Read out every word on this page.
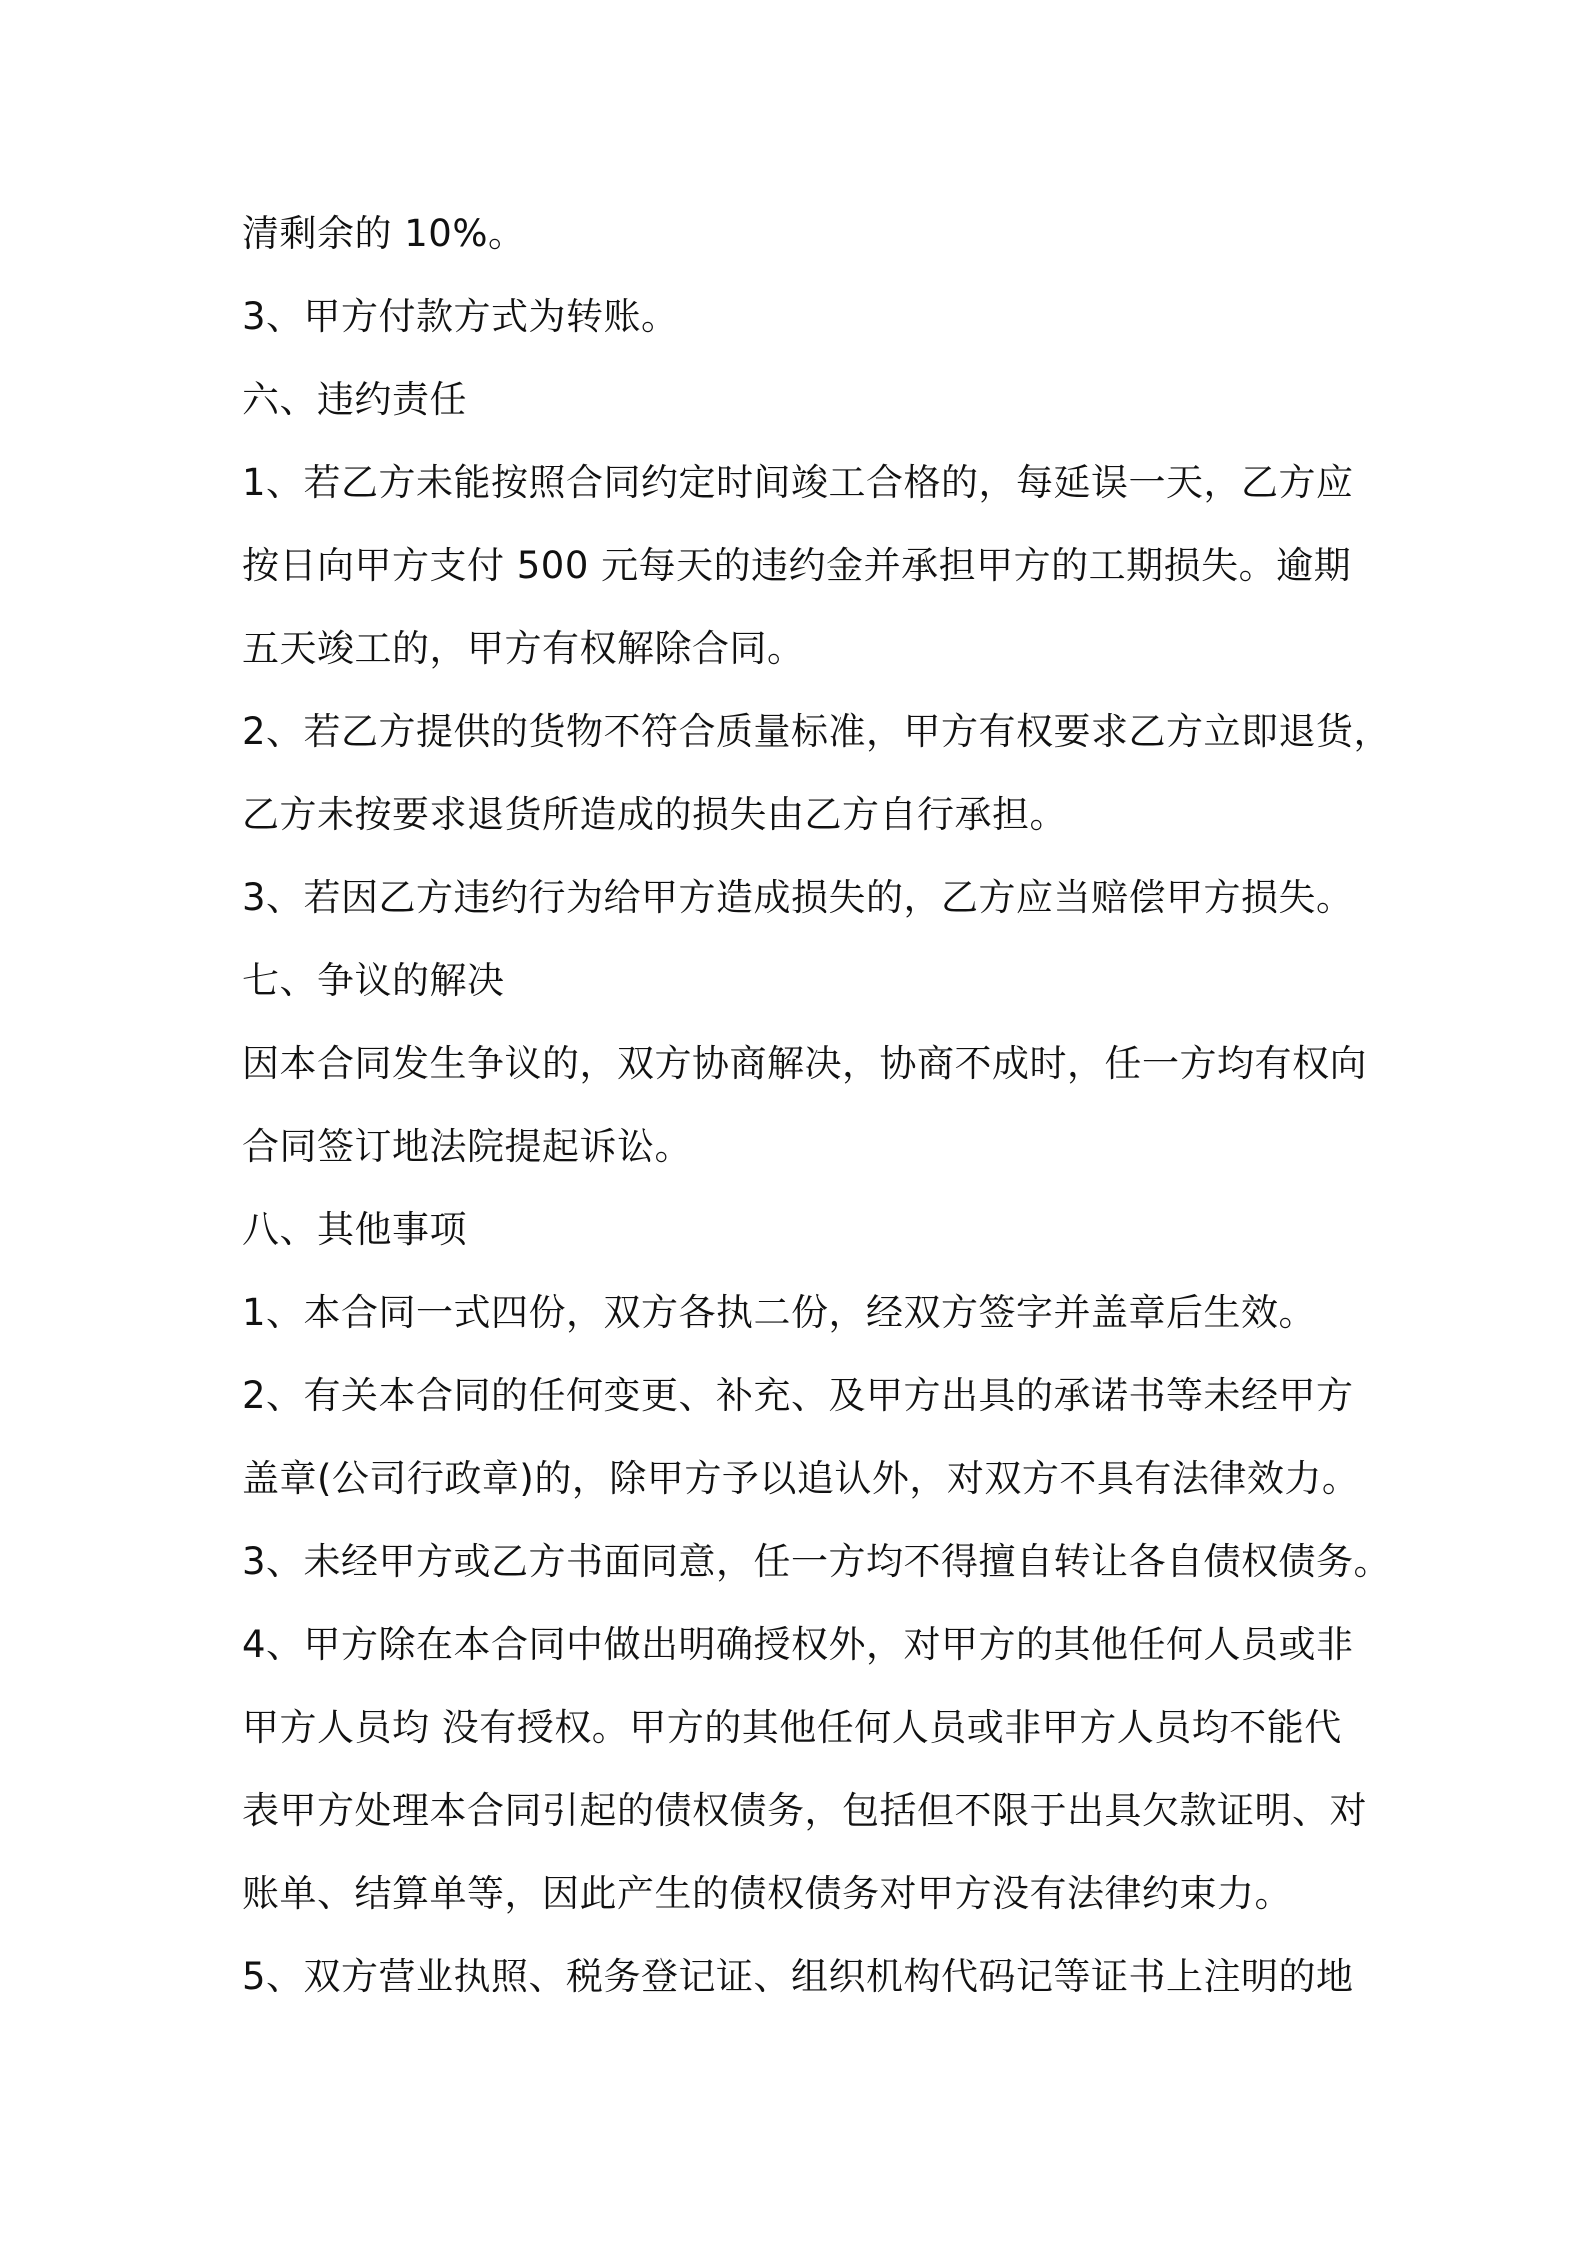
清剩余的 10%。
3、甲方付款方式为转账。
六、违约责任
1、若乙方未能按照合同约定时间竣工合格的，每延误一天，乙方应
按日向甲方支付 500 元每天的违约金并承担甲方的工期损失。逾期
五天竣工的，甲方有权解除合同。
2、若乙方提供的货物不符合质量标准，甲方有权要求乙方立即退货，
乙方未按要求退货所造成的损失由乙方自行承担。
3、若因乙方违约行为给甲方造成损失的，乙方应当赔偿甲方损失。
七、争议的解决
因本合同发生争议的，双方协商解决，协商不成时，任一方均有权向
合同签订地法院提起诉讼。
八、其他事项
1、本合同一式四份，双方各执二份，经双方签字并盖章后生效。
2、有关本合同的任何变更、补充、及甲方出具的承诺书等未经甲方
盖章(公司行政章)的，除甲方予以追认外，对双方不具有法律效力。
3、未经甲方或乙方书面同意，任一方均不得擅自转让各自债权债务。
4、甲方除在本合同中做出明确授权外，对甲方的其他任何人员或非
甲方人员均 没有授权。甲方的其他任何人员或非甲方人员均不能代
表甲方处理本合同引起的债权债务，包括但不限于出具欠款证明、对
账单、结算单等，因此产生的债权债务对甲方没有法律约束力。
5、双方营业执照、税务登记证、组织机构代码记等证书上注明的地
